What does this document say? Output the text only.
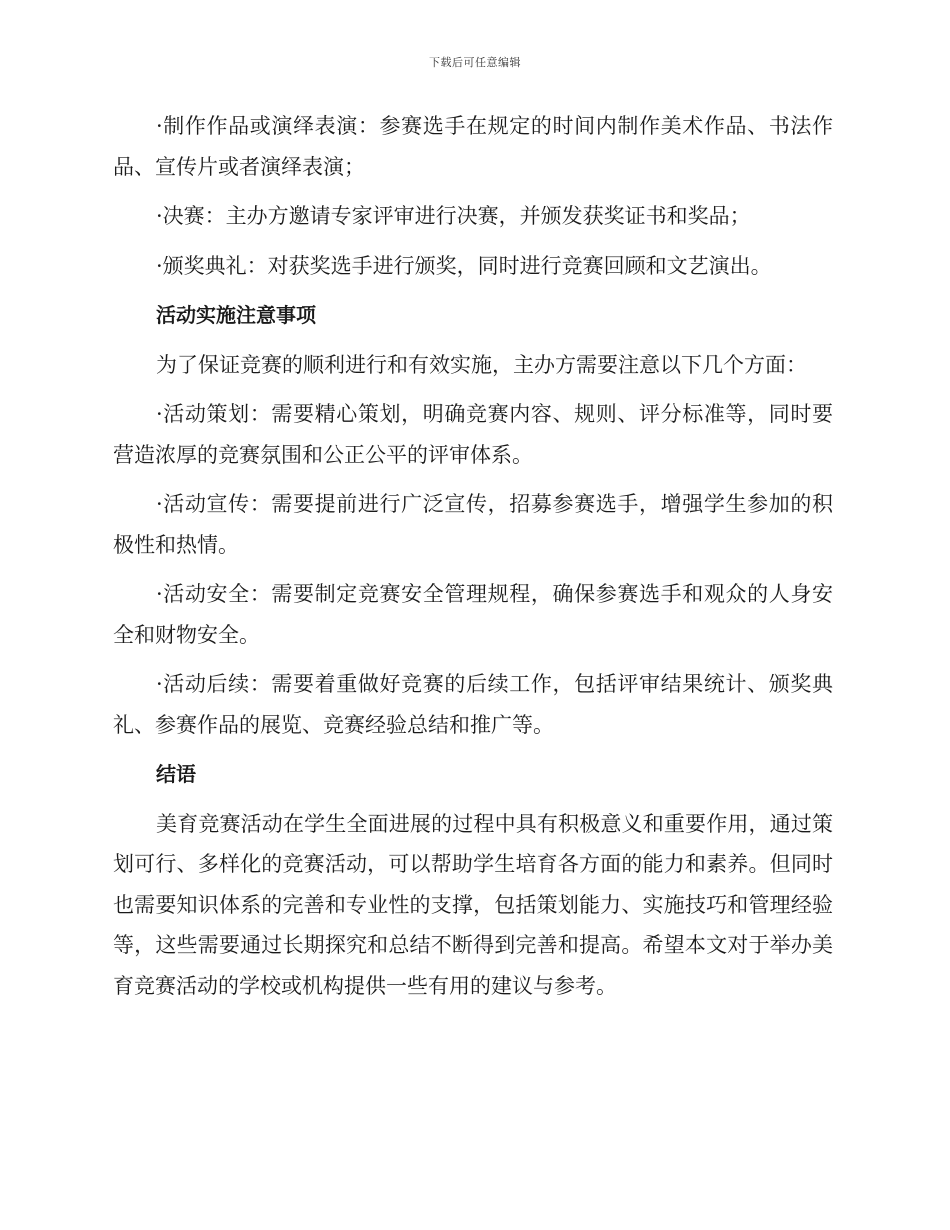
下载后可任意编辑

·制作作品或演绎表演：参赛选手在规定的时间内制作美术作品、书法作品、宣传片或者演绎表演；

·决赛：主办方邀请专家评审进行决赛，并颁发获奖证书和奖品；

·颁奖典礼：对获奖选手进行颁奖，同时进行竞赛回顾和文艺演出。

活动实施注意事项

为了保证竞赛的顺利进行和有效实施，主办方需要注意以下几个方面：

·活动策划：需要精心策划，明确竞赛内容、规则、评分标准等，同时要营造浓厚的竞赛氛围和公正公平的评审体系。

·活动宣传：需要提前进行广泛宣传，招募参赛选手，增强学生参加的积极性和热情。

·活动安全：需要制定竞赛安全管理规程，确保参赛选手和观众的人身安全和财物安全。

·活动后续：需要着重做好竞赛的后续工作，包括评审结果统计、颁奖典礼、参赛作品的展览、竞赛经验总结和推广等。

结语

美育竞赛活动在学生全面进展的过程中具有积极意义和重要作用，通过策划可行、多样化的竞赛活动，可以帮助学生培育各方面的能力和素养。但同时也需要知识体系的完善和专业性的支撑，包括策划能力、实施技巧和管理经验等，这些需要通过长期探究和总结不断得到完善和提高。希望本文对于举办美育竞赛活动的学校或机构提供一些有用的建议与参考。
